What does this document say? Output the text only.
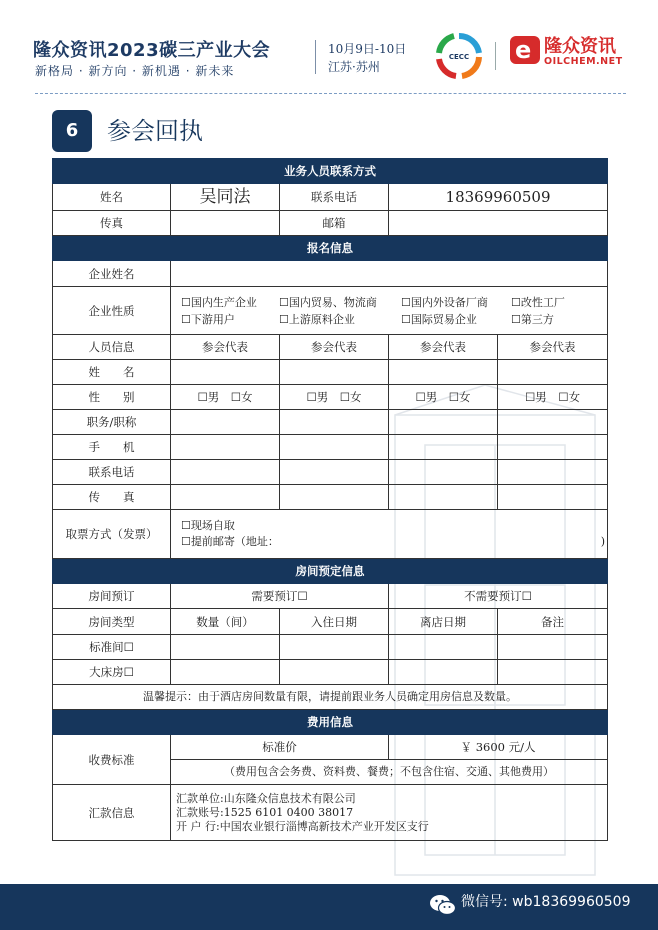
隆众资讯2023碳三产业大会
新格局 · 新方向 · 新机遇 · 新未来
10月9日-10日
江苏·苏州
CECC e 隆众资讯
OILCHEM.NET
6	参会回执
业务人员联系方式				
姓名	吴同法	联系电话	18369960509	
传真		邮箱		
报名信息				
企业姓名				
企业性质	☐国内生产企业 ☐国内贸易、物流商 ☐国内外设备厂商 ☐改性工厂
☐下游用户 ☐上游原料企业 ☐国际贸易企业 ☐第三方			

人员信息	参会代表	参会代表	参会代表	参会代表
姓　　名				
性　　别	☐男　☐女	☐男　☐女	☐男　☐女	☐男　☐女
职务/职称				
手　　机				
联系电话				
传　　真				
取票方式（发票）	☐现场自取
☐提前邮寄（地址： )			

房间预定信息				
房间预订	需要预订☐		不需要预订☐	
房间类型	数量（间）	入住日期	离店日期	备注
标准间☐				
大床房☐				
温馨提示：由于酒店房间数量有限，请提前跟业务人员确定用房信息及数量。				
费用信息				
收费标准	标准价		￥ 3600 元/人	
	（费用包含会务费、资料费、餐费；不包含住宿、交通、其他费用）			
汇款信息	汇款单位:山东隆众信息技术有限公司
汇款账号:1525 6101 0400 38017
开 户 行:中国农业银行淄博高新技术产业开发区支行			
微信号: wb18369960509
